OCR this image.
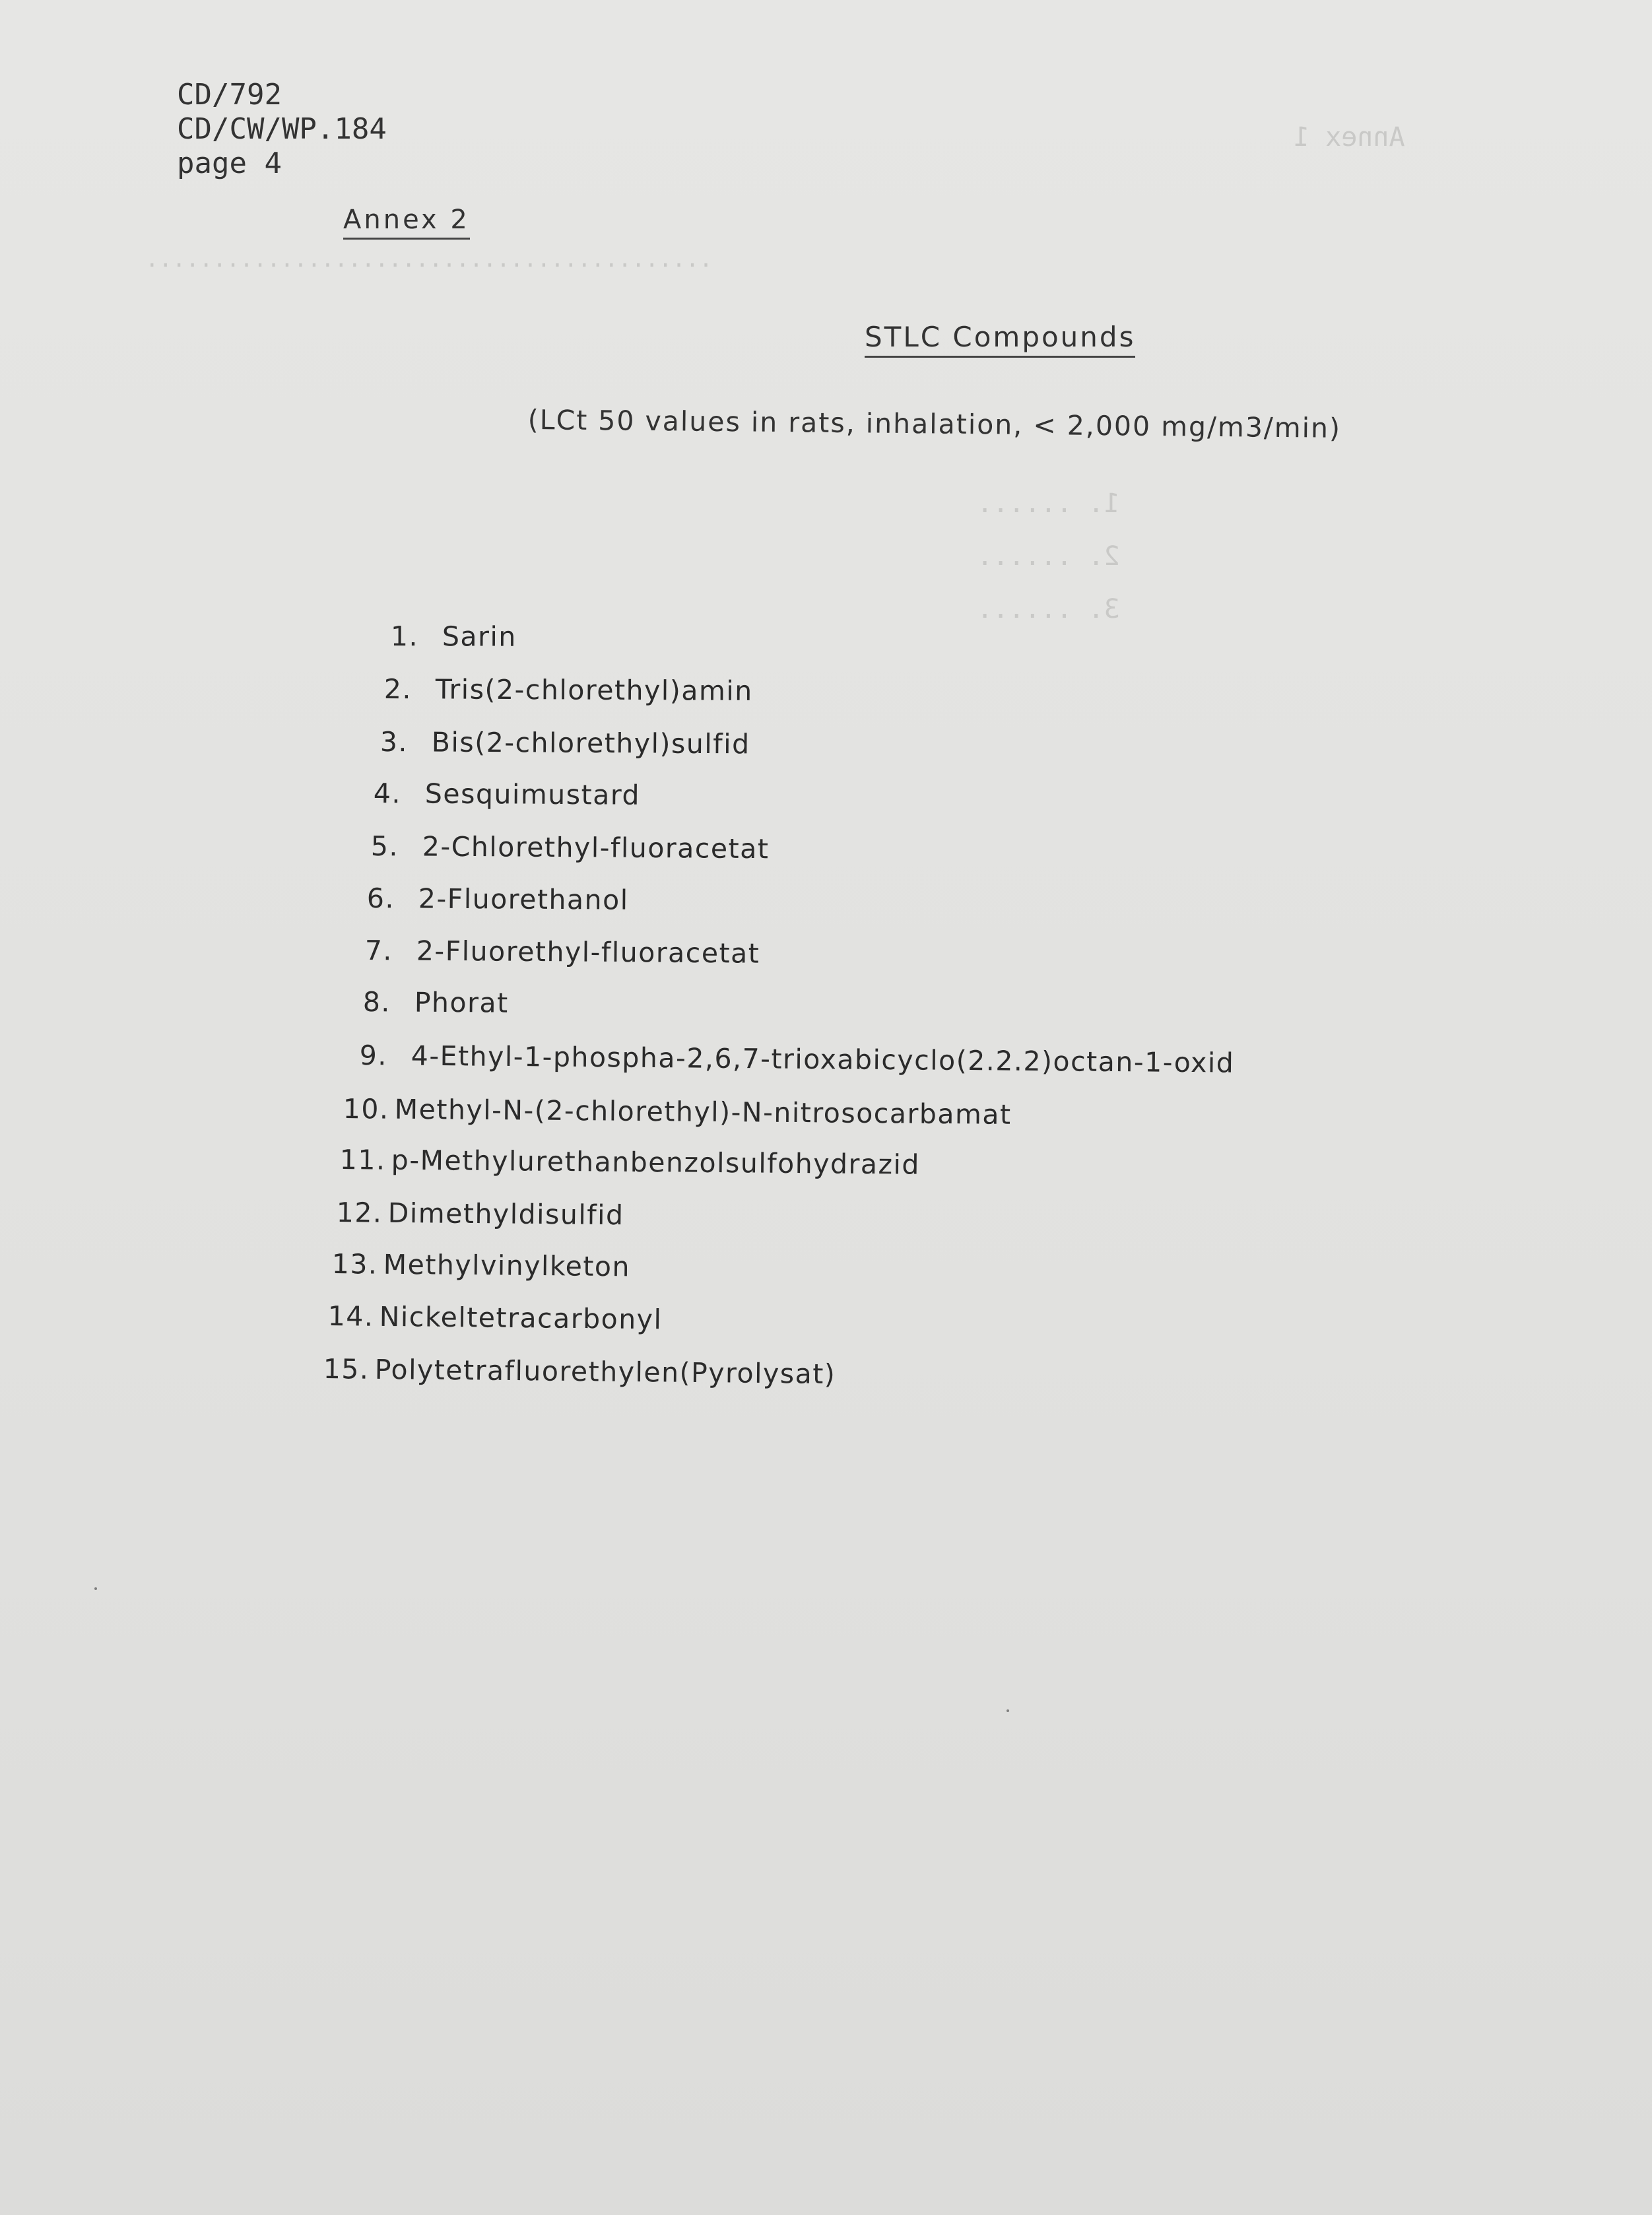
Annex 1
..........................................
1. ......
2. ......
3. ......
CD/792
CD/CW/WP.184
page 4
Annex 2
STLC Compounds
(LCt 50 values in rats, inhalation, < 2,000 mg/m3/min)
1. Sarin
2. Tris(2-chlorethyl)amin
3. Bis(2-chlorethyl)sulfid
4. Sesquimustard
5. 2-Chlorethyl-fluoracetat
6. 2-Fluorethanol
7. 2-Fluorethyl-fluoracetat
8. Phorat
9. 4-Ethyl-1-phospha-2,6,7-trioxabicyclo(2.2.2)octan-1-oxid
10. Methyl-N-(2-chlorethyl)-N-nitrosocarbamat
11. p-Methylurethanbenzolsulfohydrazid
12. Dimethyldisulfid
13. Methylvinylketon
14. Nickeltetracarbonyl
15. Polytetrafluorethylen(Pyrolysat)
